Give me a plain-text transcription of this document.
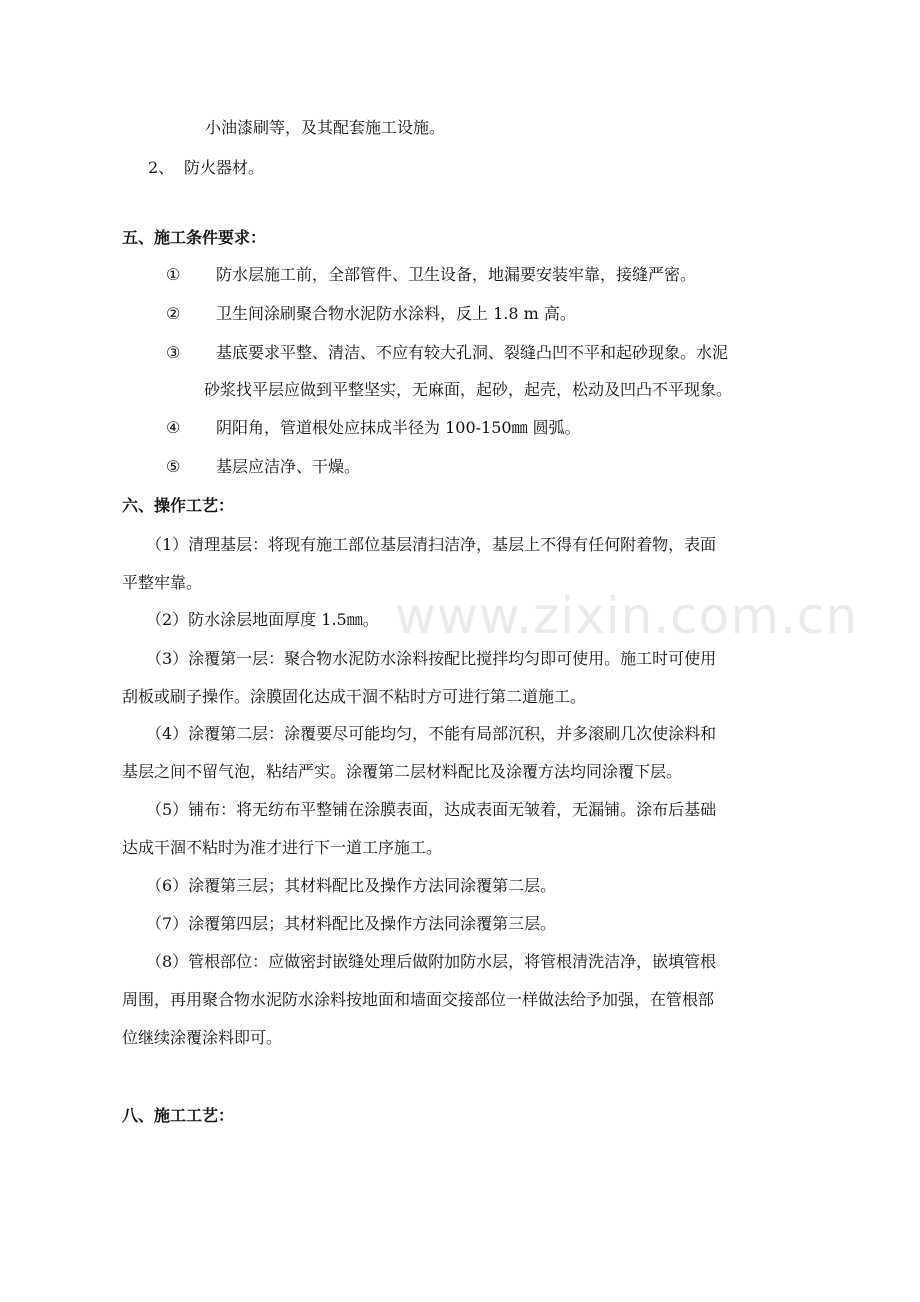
小油漆刷等，及其配套施工设施。
2、 防火器材。
五、施工条件要求：
① 防水层施工前，全部管件、卫生设备，地漏要安装牢靠，接缝严密。
② 卫生间涂刷聚合物水泥防水涂料，反上 1.8 m 高。
③ 基底要求平整、清洁、不应有较大孔洞、裂缝凸凹不平和起砂现象。水泥
砂浆找平层应做到平整坚实，无麻面，起砂，起壳，松动及凹凸不平现象。
④ 阴阳角，管道根处应抹成半径为 100-150㎜ 圆弧。
⑤ 基层应洁净、干燥。
六、操作工艺：
（1）清理基层：将现有施工部位基层清扫洁净，基层上不得有任何附着物，表面
平整牢靠。
（2）防水涂层地面厚度 1.5㎜。
（3）涂覆第一层：聚合物水泥防水涂料按配比搅拌均匀即可使用。施工时可使用
刮板或刷子操作。涂膜固化达成干涸不粘时方可进行第二道施工。
（4）涂覆第二层：涂覆要尽可能均匀，不能有局部沉积，并多滚刷几次使涂料和
基层之间不留气泡，粘结严实。涂覆第二层材料配比及涂覆方法均同涂覆下层。
（5）铺布：将无纺布平整铺在涂膜表面，达成表面无皱着，无漏铺。涂布后基础
达成干涸不粘时为准才进行下一道工序施工。
（6）涂覆第三层；其材料配比及操作方法同涂覆第二层。
（7）涂覆第四层；其材料配比及操作方法同涂覆第三层。
（8）管根部位：应做密封嵌缝处理后做附加防水层，将管根清洗洁净，嵌填管根
周围，再用聚合物水泥防水涂料按地面和墙面交接部位一样做法给予加强，在管根部
位继续涂覆涂料即可。
八、施工工艺：
www.zixin.com.cn
